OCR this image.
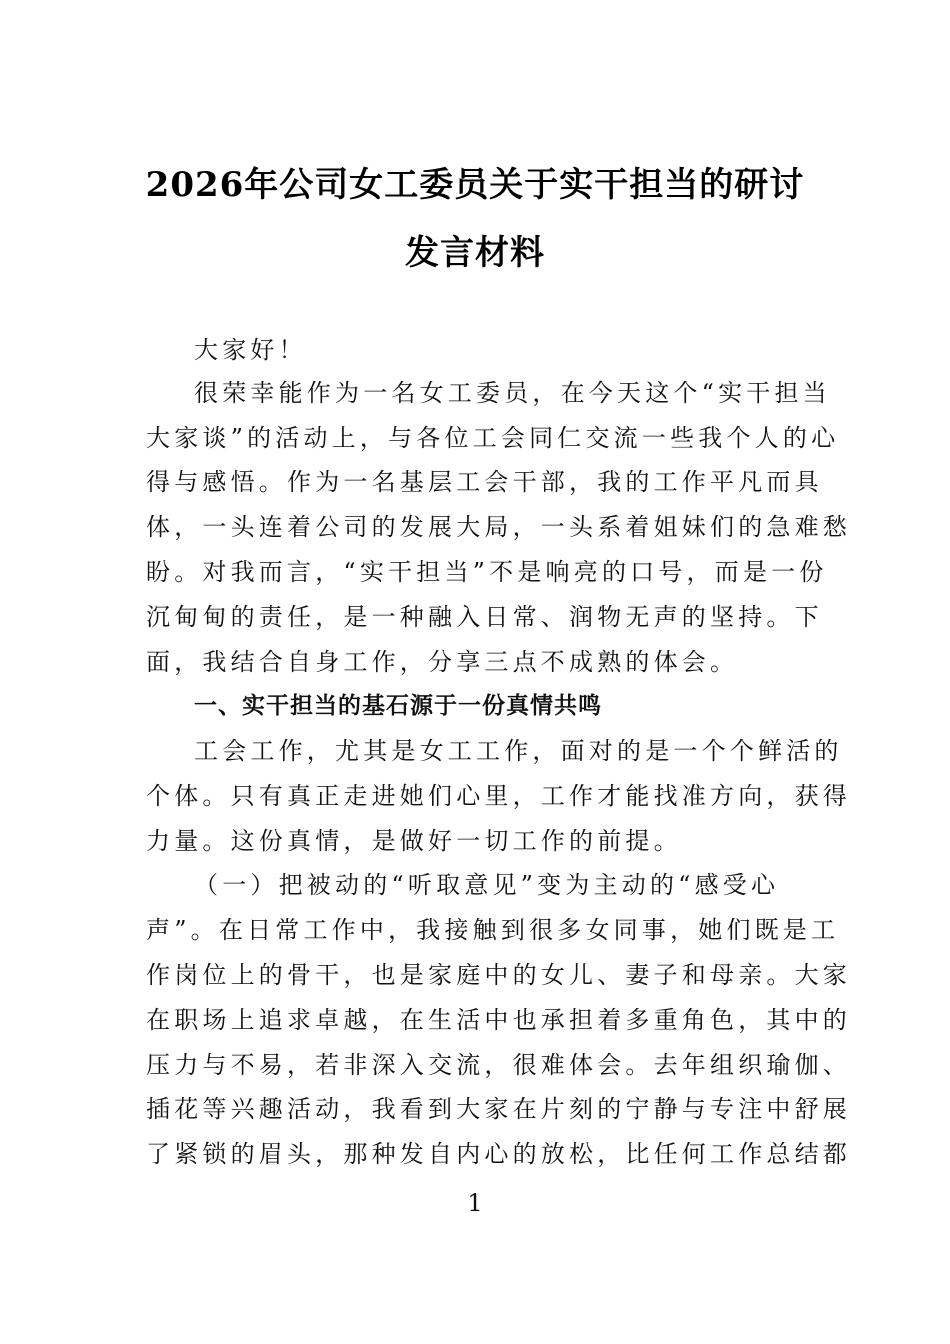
2026年公司女工委员关于实干担当的研讨
发言材料
大家好！
很荣幸能作为一名女工委员，在今天这个“实干担当
大家谈”的活动上，与各位工会同仁交流一些我个人的心
得与感悟。作为一名基层工会干部，我的工作平凡而具
体，一头连着公司的发展大局，一头系着姐妹们的急难愁
盼。对我而言，“实干担当”不是响亮的口号，而是一份
沉甸甸的责任，是一种融入日常、润物无声的坚持。下
面，我结合自身工作，分享三点不成熟的体会。
一、实干担当的基石源于一份真情共鸣
工会工作，尤其是女工工作，面对的是一个个鲜活的
个体。只有真正走进她们心里，工作才能找准方向，获得
力量。这份真情，是做好一切工作的前提。
（一）把被动的“听取意见”变为主动的“感受心
声”。在日常工作中，我接触到很多女同事，她们既是工
作岗位上的骨干，也是家庭中的女儿、妻子和母亲。大家
在职场上追求卓越，在生活中也承担着多重角色，其中的
压力与不易，若非深入交流，很难体会。去年组织瑜伽、
插花等兴趣活动，我看到大家在片刻的宁静与专注中舒展
了紧锁的眉头，那种发自内心的放松，比任何工作总结都
1
